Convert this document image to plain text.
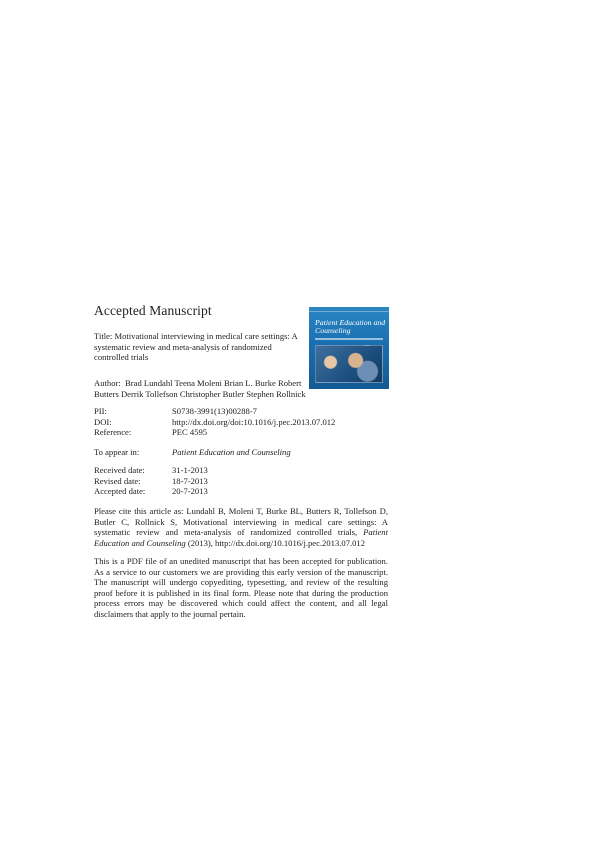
Accepted Manuscript
Patient Education and Counseling
Title: Motivational interviewing in medical care settings: A systematic review and meta-analysis of randomized controlled trials
Author: Brad Lundahl Teena Moleni Brian L. Burke Robert Butters Derrik Tollefson Christopher Butler Stephen Rollnick
PII:	S0738-3991(13)00288-7
DOI:	http://dx.doi.org/doi:10.1016/j.pec.2013.07.012
Reference:	PEC 4595
To appear in:	Patient Education and Counseling
Received date:	31-1-2013
Revised date:	18-7-2013
Accepted date:	20-7-2013
Please cite this article as: Lundahl B, Moleni T, Burke BL, Butters R, Tollefson D, Butler C, Rollnick S, Motivational interviewing in medical care settings: A systematic review and meta-analysis of randomized controlled trials, Patient Education and Counseling (2013), http://dx.doi.org/10.1016/j.pec.2013.07.012
This is a PDF file of an unedited manuscript that has been accepted for publication. As a service to our customers we are providing this early version of the manuscript. The manuscript will undergo copyediting, typesetting, and review of the resulting proof before it is published in its final form. Please note that during the production process errors may be discovered which could affect the content, and all legal disclaimers that apply to the journal pertain.
